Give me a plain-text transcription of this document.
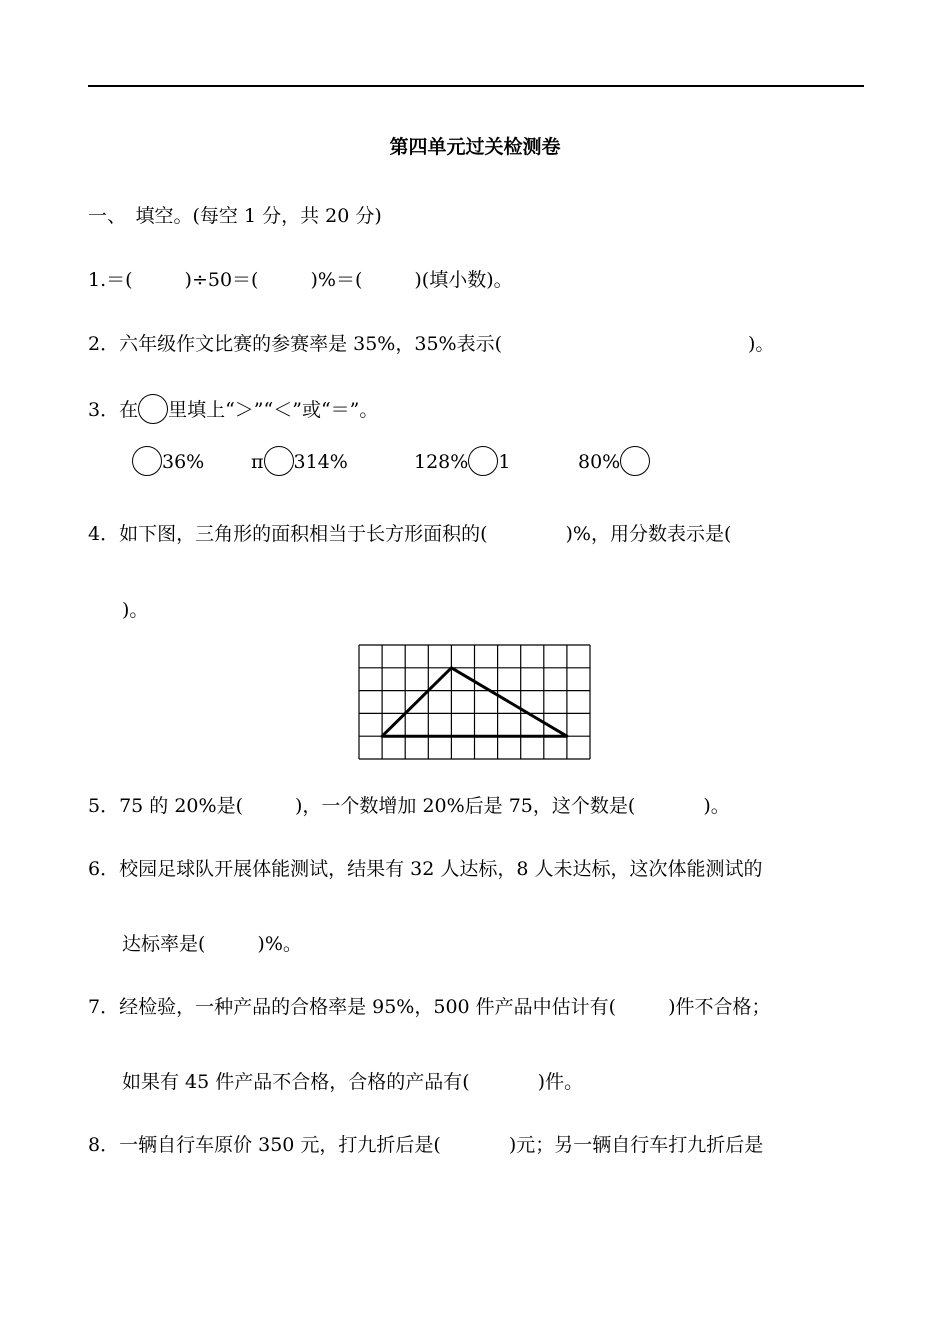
第四单元过关检测卷
一、　填空。(每空 1 分，共 20 分)
1.＝(	)÷50＝(	)%＝(	)(填小数)。
2．六年级作文比赛的参赛率是 35%，35%表示(	)。
3．在 里填上“＞”“＜”或“＝”。
36% π 314%	128% 1	80%
4．如下图，三角形的面积相当于长方形面积的(	)%，用分数表示是(
)。
5．75 的 20%是(	)，一个数增加 20%后是 75，这个数是(	)。
6．校园足球队开展体能测试，结果有 32 人达标，8 人未达标，这次体能测试的
达标率是(	)%。
7．经检验，一种产品的合格率是 95%，500 件产品中估计有(	)件不合格；
如果有 45 件产品不合格，合格的产品有(	)件。
8．一辆自行车原价 350 元，打九折后是(	)元；另一辆自行车打九折后是
